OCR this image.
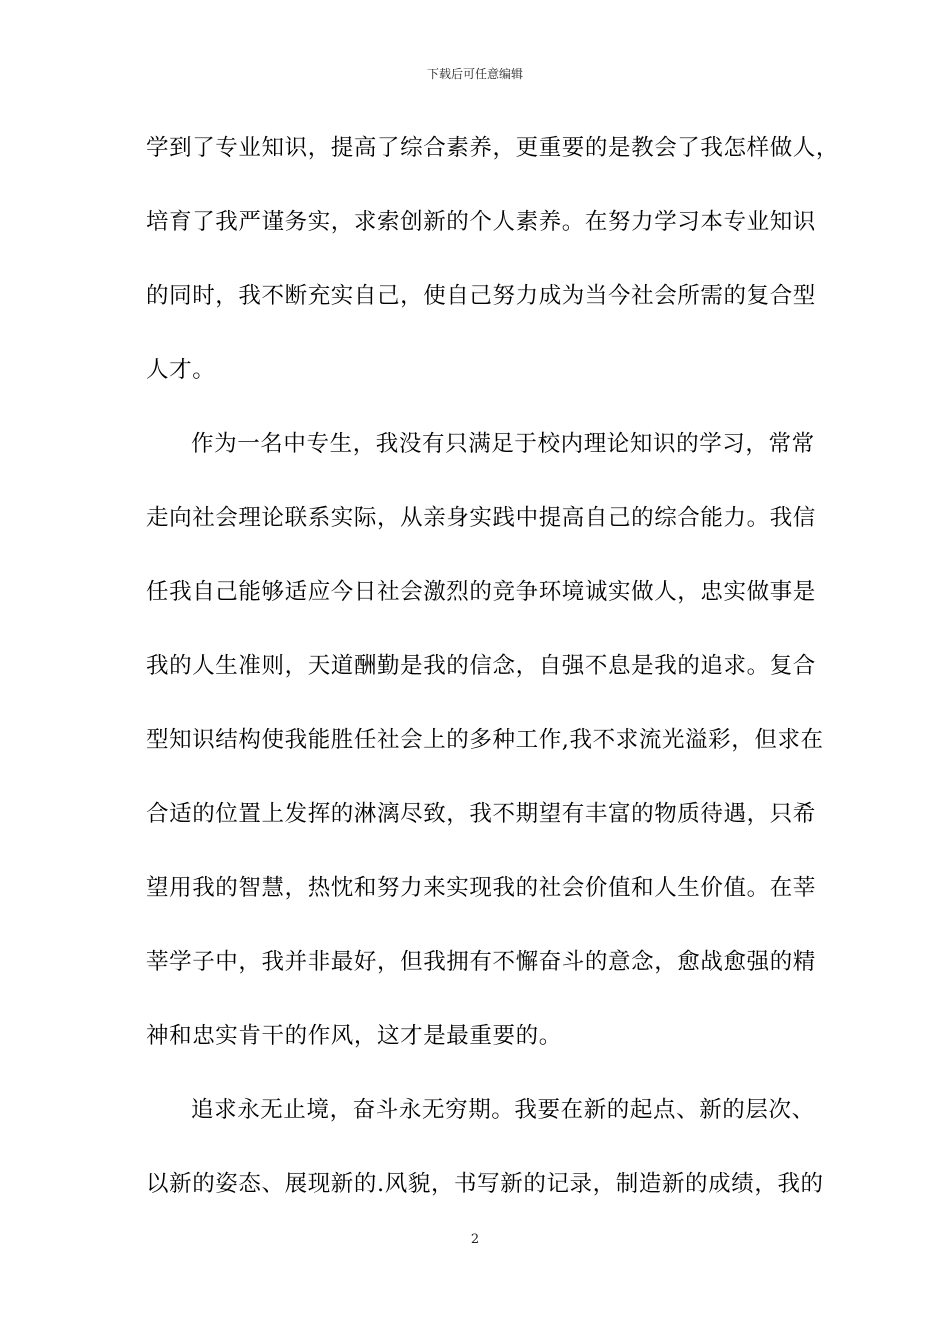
下载后可任意编辑
学到了专业知识，提高了综合素养，更重要的是教会了我怎样做人，
培育了我严谨务实，求索创新的个人素养。在努力学习本专业知识
的同时，我不断充实自己，使自己努力成为当今社会所需的复合型
人才。
作为一名中专生，我没有只满足于校内理论知识的学习，常常
走向社会理论联系实际，从亲身实践中提高自己的综合能力。我信
任我自己能够适应今日社会激烈的竞争环境诚实做人，忠实做事是
我的人生准则，天道酬勤是我的信念，自强不息是我的追求。复合
型知识结构使我能胜任社会上的多种工作,我不求流光溢彩，但求在
合适的位置上发挥的淋漓尽致，我不期望有丰富的物质待遇，只希
望用我的智慧，热忱和努力来实现我的社会价值和人生价值。在莘
莘学子中，我并非最好，但我拥有不懈奋斗的意念，愈战愈强的精
神和忠实肯干的作风，这才是最重要的。
追求永无止境，奋斗永无穷期。我要在新的起点、新的层次、
以新的姿态、展现新的.风貌，书写新的记录，制造新的成绩，我的
2
